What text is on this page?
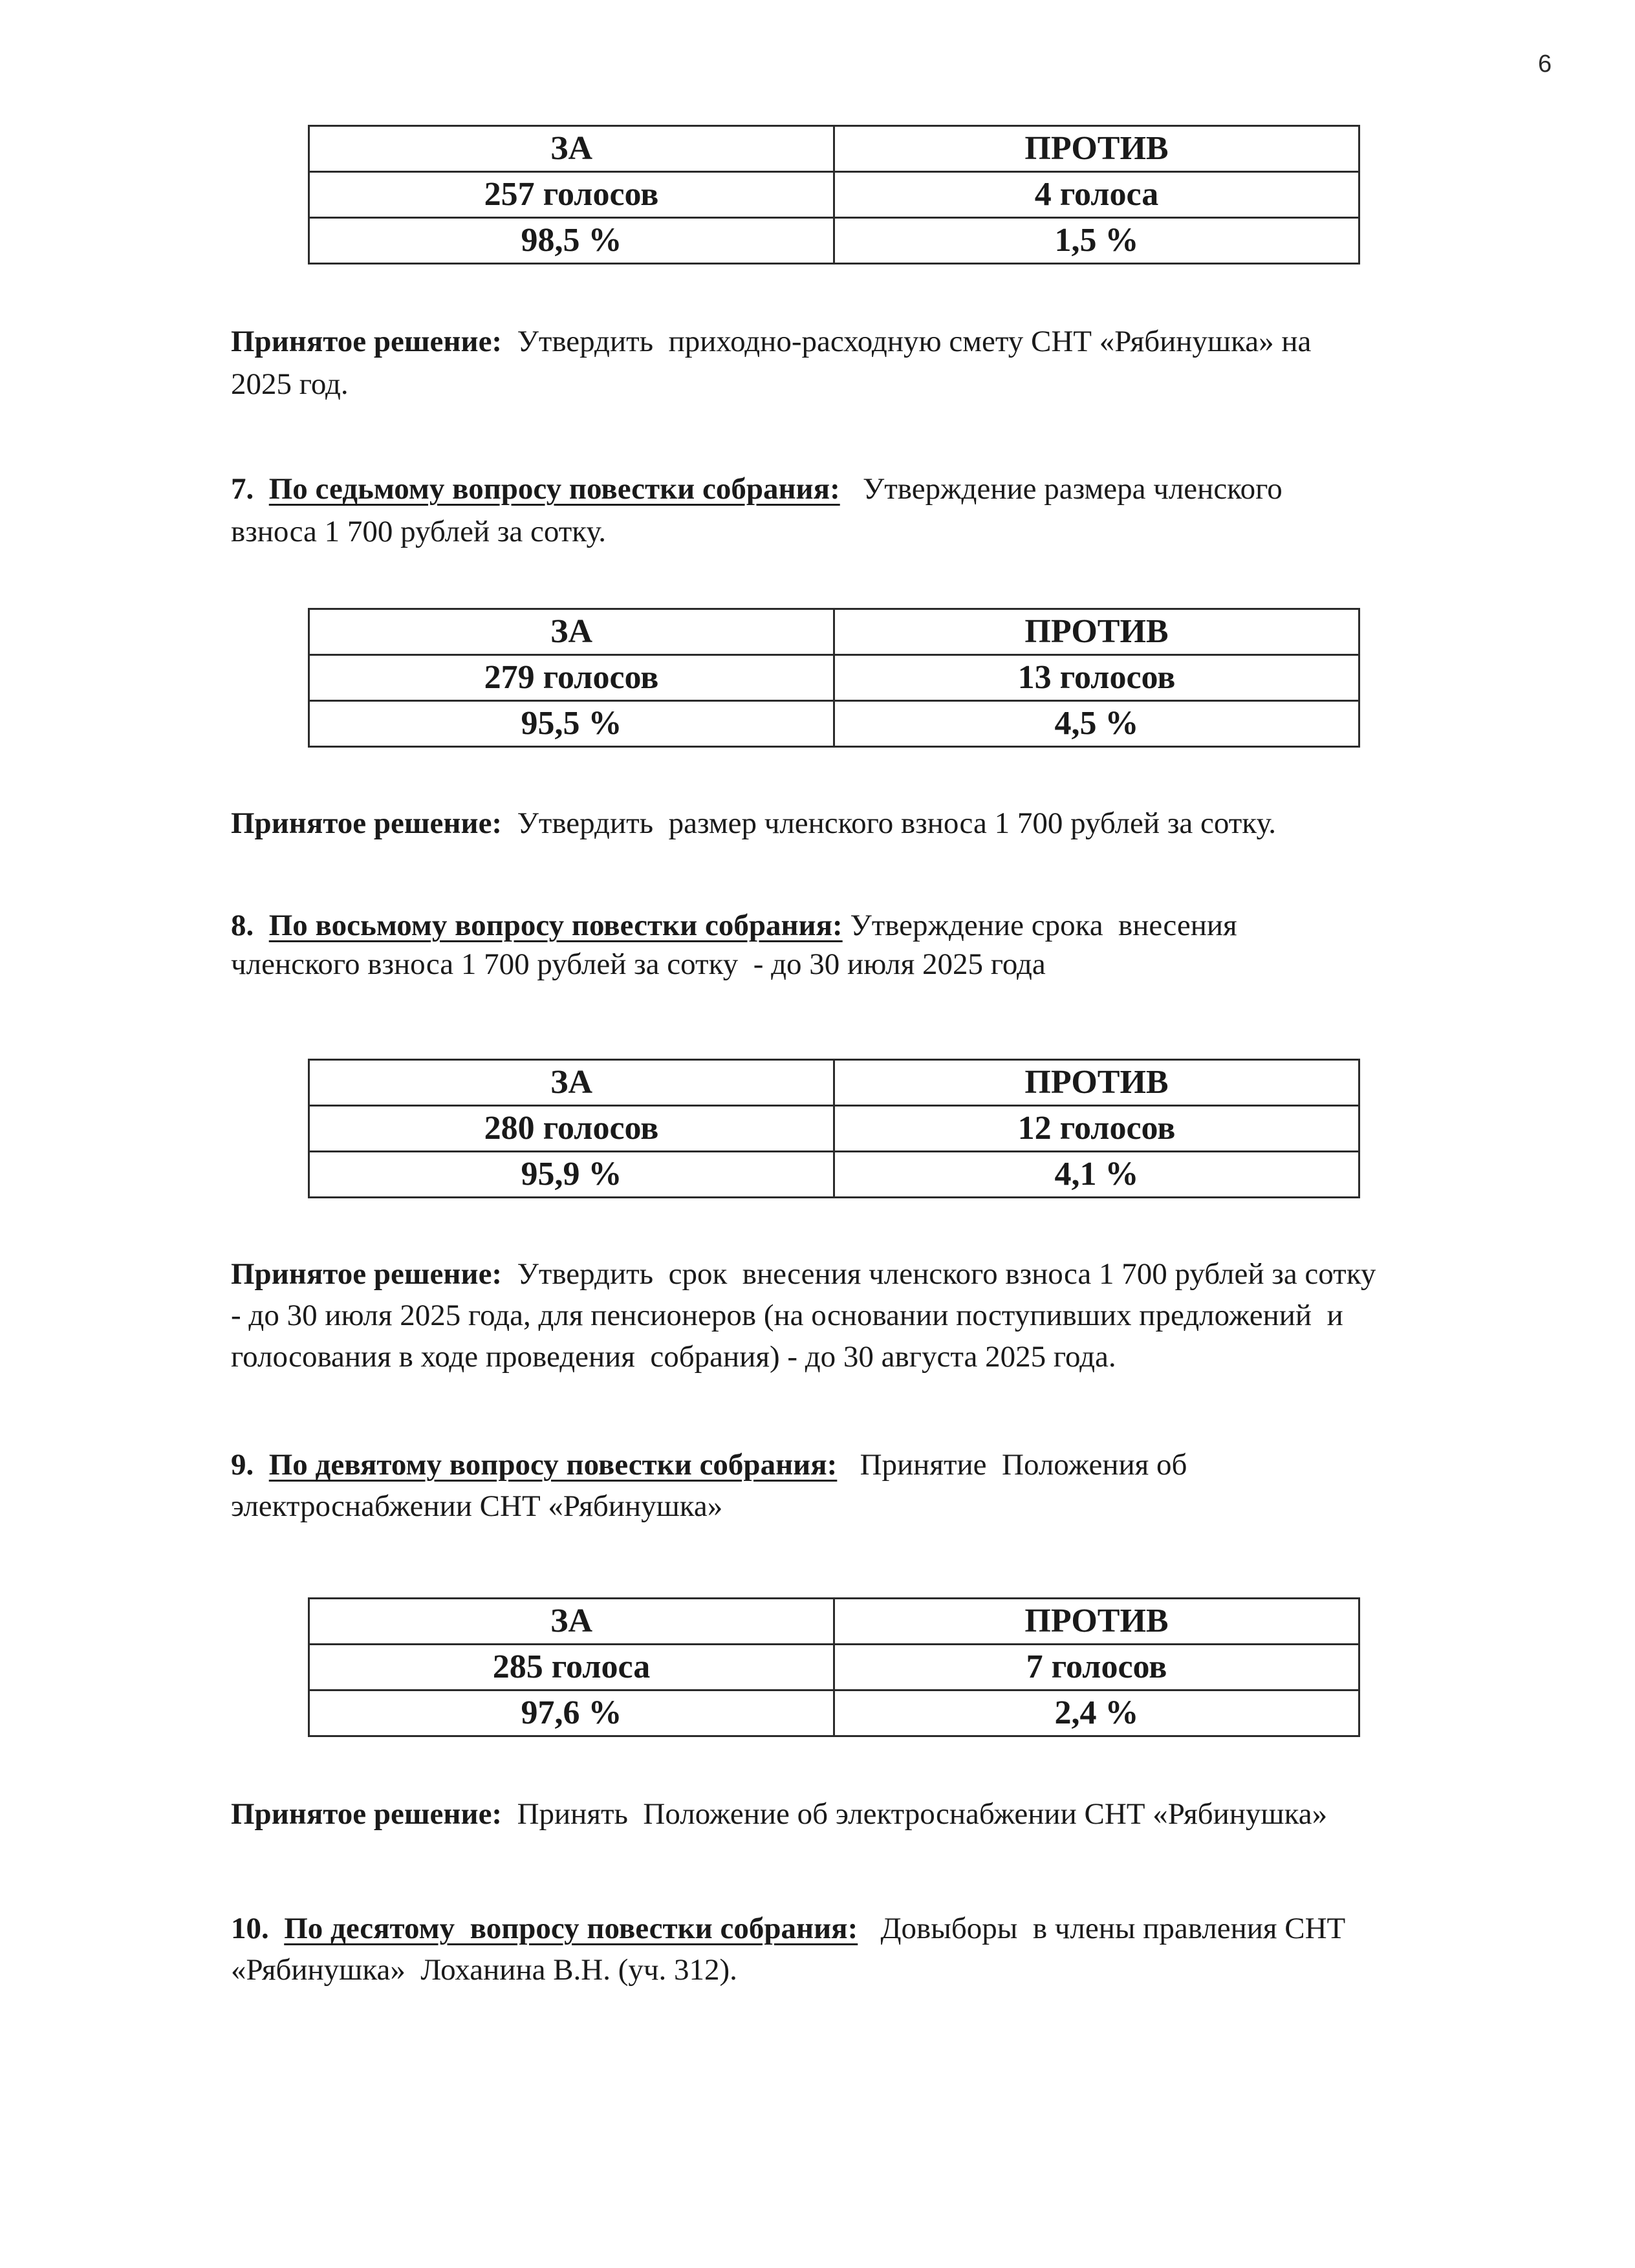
6
ЗА	ПРОТИВ
257 голосов	4 голоса
98,5 %	1,5 %
Принятое решение:  Утвердить  приходно-расходную смету СНТ «Рябинушка» на
2025 год.
7. По седьмому вопросу повестки собрания:   Утверждение размера членского
взноса 1 700 рублей за сотку.
ЗА	ПРОТИВ
279 голосов	13 голосов
95,5 %	4,5 %
Принятое решение:  Утвердить  размер членского взноса 1 700 рублей за сотку.
8. По восьмому вопросу повестки собрания: Утверждение срока  внесения
членского взноса 1 700 рублей за сотку  - до 30 июля 2025 года
ЗА	ПРОТИВ
280 голосов	12 голосов
95,9 %	4,1 %
Принятое решение:  Утвердить  срок  внесения членского взноса 1 700 рублей за сотку
- до 30 июля 2025 года, для пенсионеров (на основании поступивших предложений  и
голосования в ходе проведения  собрания) - до 30 августа 2025 года.
9. По девятому вопросу повестки собрания:   Принятие  Положения об
электроснабжении СНТ «Рябинушка»
ЗА	ПРОТИВ
285 голоса	7 голосов
97,6 %	2,4 %
Принятое решение:  Принять  Положение об электроснабжении СНТ «Рябинушка»
10. По десятому  вопросу повестки собрания:   Довыборы  в члены правления СНТ
«Рябинушка»  Лоханина В.Н. (уч. 312).
